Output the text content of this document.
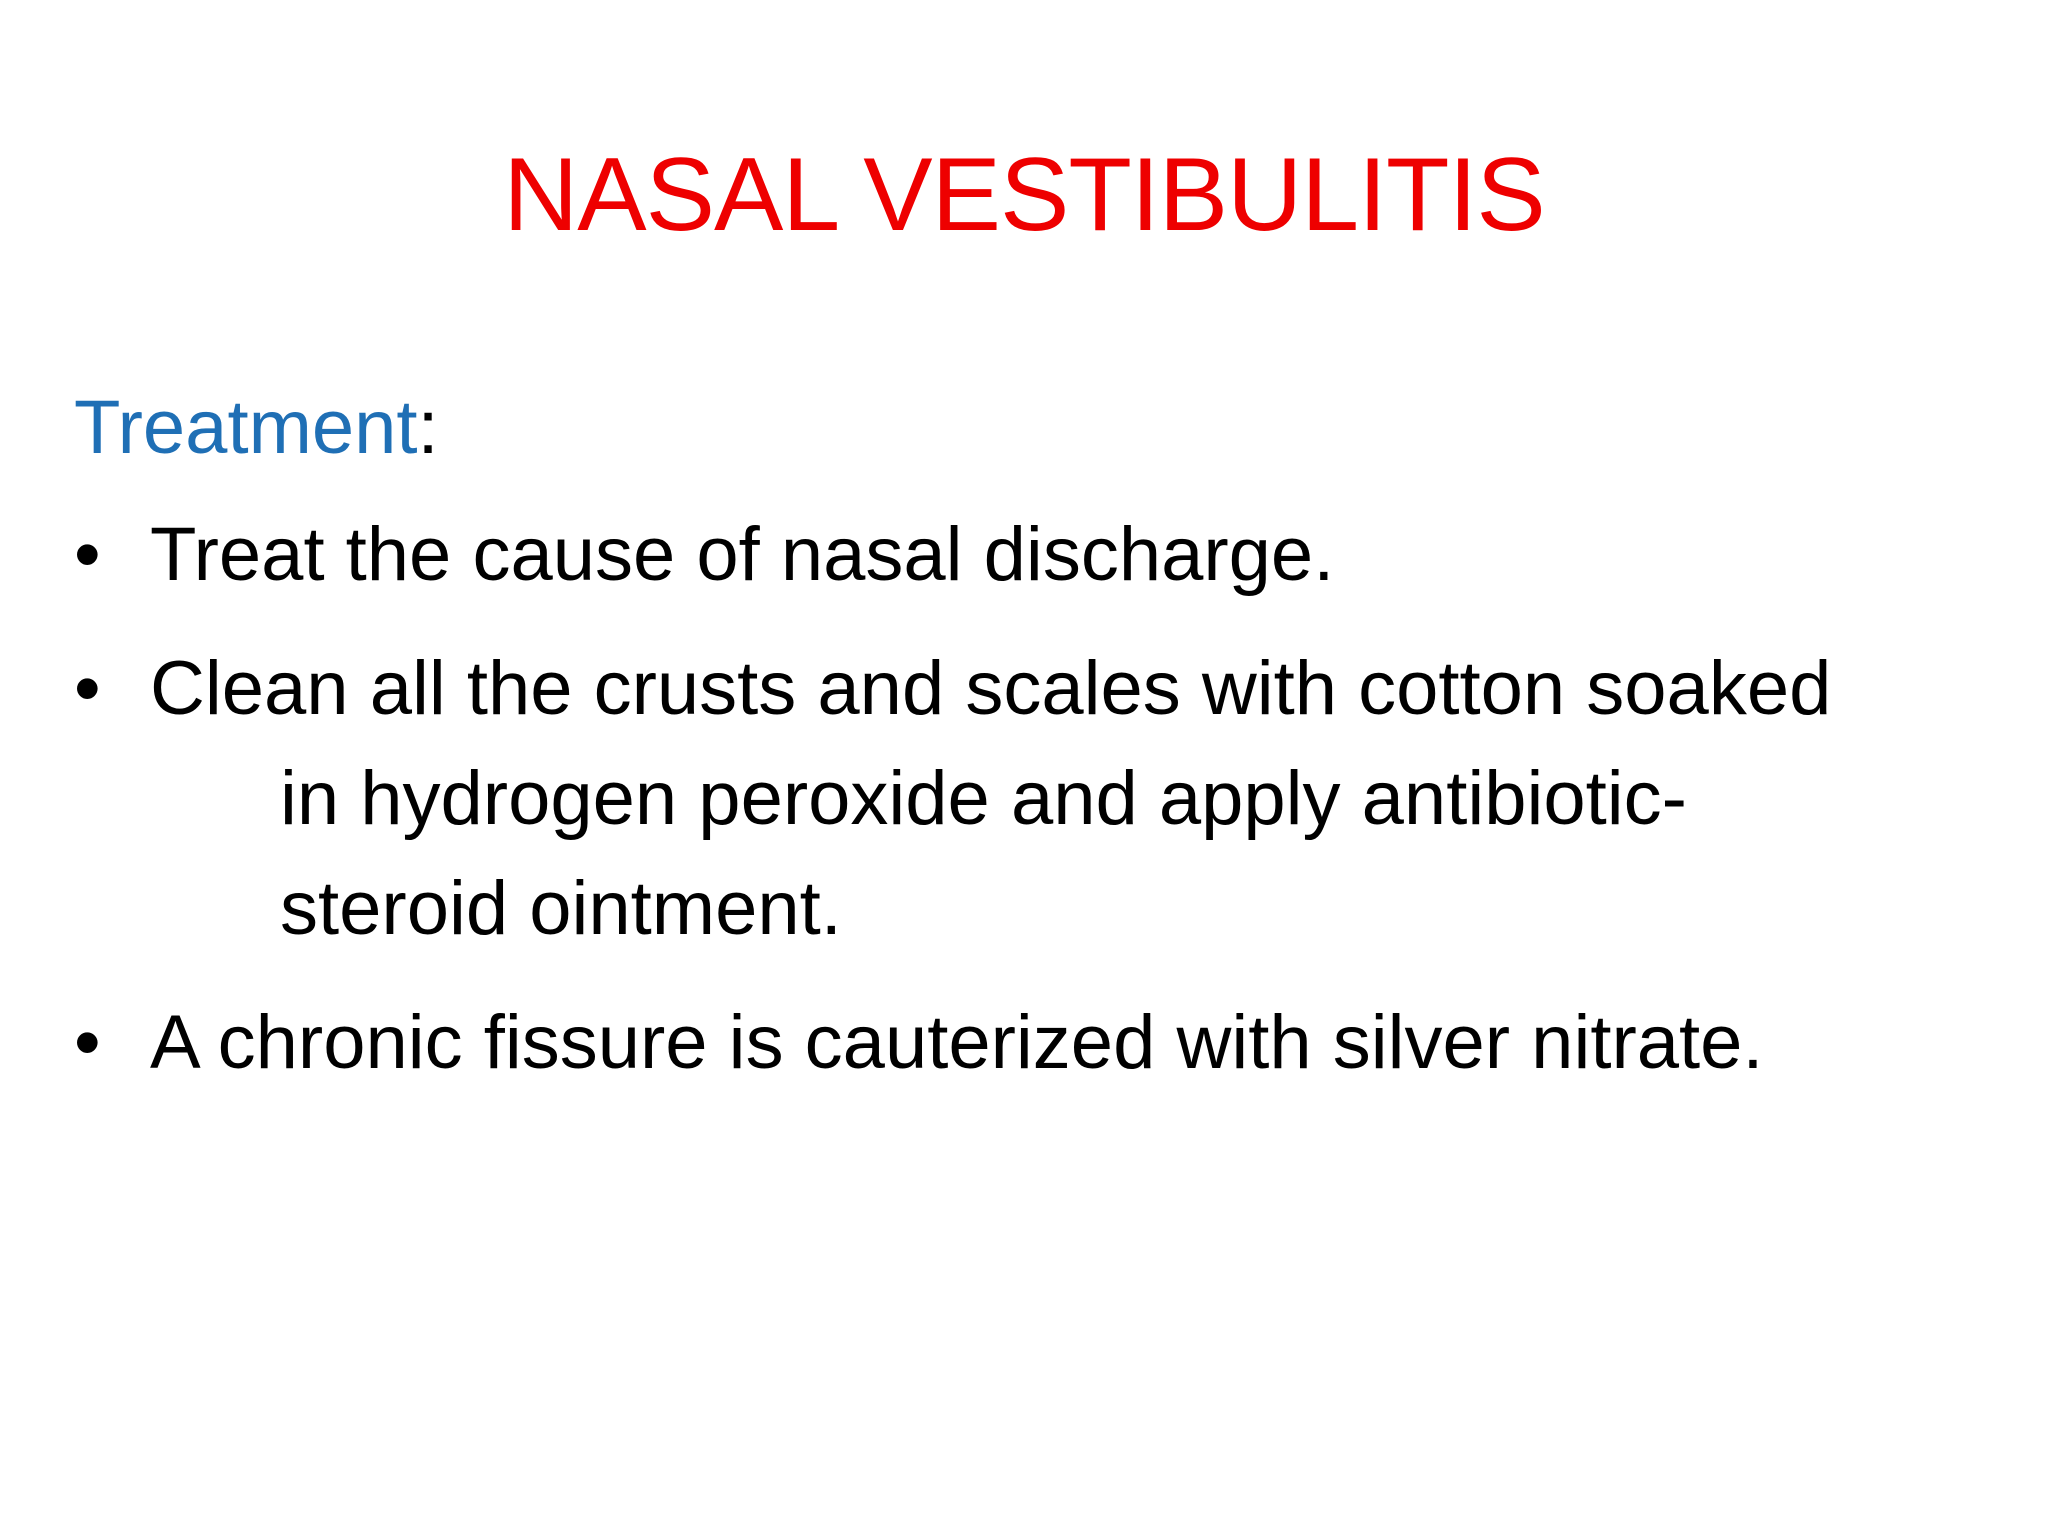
NASAL VESTIBULITIS
Treatment:
• Treat the cause of nasal discharge.
• Clean all the crusts and scales with cotton soaked
in hydrogen peroxide and apply antibiotic-
steroid ointment.
• A chronic fissure is cauterized with silver nitrate.
